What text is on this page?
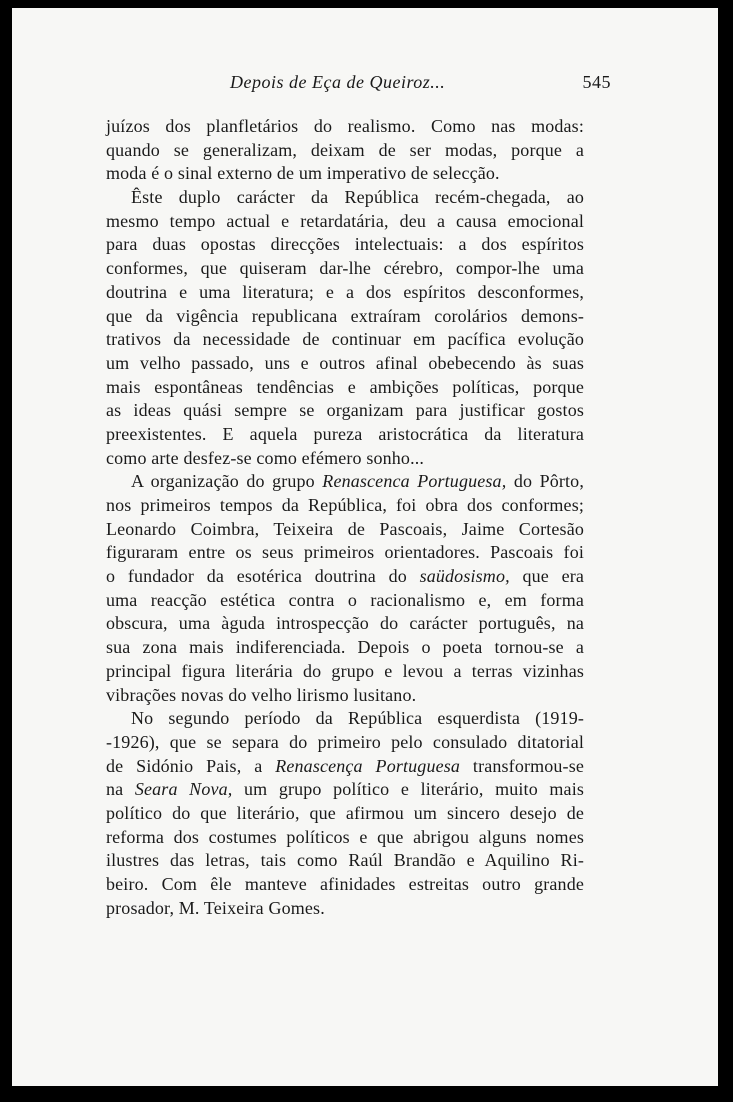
Depois de Eça de Queiroz...	545
juízos dos planfletários do realismo. Como nas modas:
quando se generalizam, deixam de ser modas, porque a
moda é o sinal externo de um imperativo de selecção.
Êste duplo carácter da República recém-chegada, ao
mesmo tempo actual e retardatária, deu a causa emocional
para duas opostas direcções intelectuais: a dos espíritos
conformes, que quiseram dar-lhe cérebro, compor-lhe uma
doutrina e uma literatura; e a dos espíritos desconformes,
que da vigência republicana extraíram corolários demons-
trativos da necessidade de continuar em pacífica evolução
um velho passado, uns e outros afinal obebecendo às suas
mais espontâneas tendências e ambições políticas, porque
as ideas quási sempre se organizam para justificar gostos
preexistentes. E aquela pureza aristocrática da literatura
como arte desfez-se como efémero sonho...
A organização do grupo Renascenca Portuguesa, do Pôrto,
nos primeiros tempos da República, foi obra dos conformes;
Leonardo Coimbra, Teixeira de Pascoais, Jaime Cortesão
figuraram entre os seus primeiros orientadores. Pascoais foi
o fundador da esotérica doutrina do saüdosismo, que era
uma reacção estética contra o racionalismo e, em forma
obscura, uma àguda introspecção do carácter português, na
sua zona mais indiferenciada. Depois o poeta tornou-se a
principal figura literária do grupo e levou a terras vizinhas
vibrações novas do velho lirismo lusitano.
No segundo período da República esquerdista (1919-
-1926), que se separa do primeiro pelo consulado ditatorial
de Sidónio Pais, a Renascença Portuguesa transformou-se
na Seara Nova, um grupo político e literário, muito mais
político do que literário, que afirmou um sincero desejo de
reforma dos costumes políticos e que abrigou alguns nomes
ilustres das letras, tais como Raúl Brandão e Aquilino Ri-
beiro. Com êle manteve afinidades estreitas outro grande
prosador, M. Teixeira Gomes.
